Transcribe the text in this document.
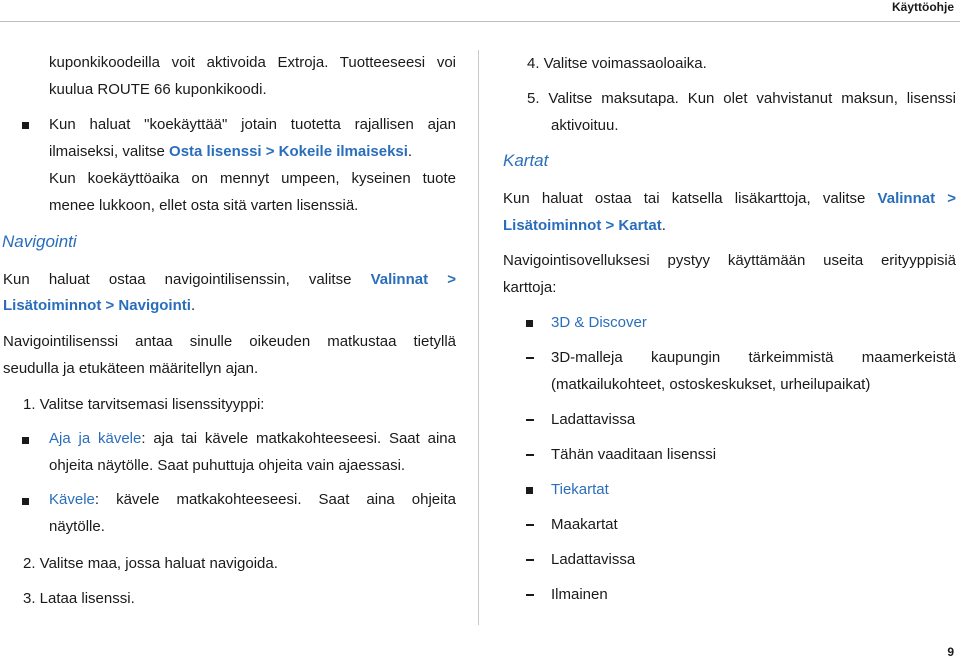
Käyttöohje
kuponkikoodeilla voit aktivoida Extroja. Tuotteeseesi voi
kuulua ROUTE 66 kuponkikoodi.
Kun haluat "koekäyttää" jotain tuotetta rajallisen ajan
ilmaiseksi, valitse Osta lisenssi > Kokeile ilmaiseksi.
Kun koekäyttöaika on mennyt umpeen, kyseinen tuote
menee lukkoon, ellet osta sitä varten lisenssiä.
Navigointi
Kun haluat ostaa navigointilisenssin, valitse Valinnat >
Lisätoiminnot > Navigointi.
Navigointilisenssi antaa sinulle oikeuden matkustaa tietyllä
seudulla ja etukäteen määritellyn ajan.
1. Valitse tarvitsemasi lisenssityyppi:
Aja ja kävele: aja tai kävele matkakohteeseesi. Saat aina
ohjeita näytölle. Saat puhuttuja ohjeita vain ajaessasi.
Kävele: kävele matkakohteeseesi. Saat aina ohjeita
näytölle.
2. Valitse maa, jossa haluat navigoida.
3. Lataa lisenssi.
4. Valitse voimassaoloaika.
5. Valitse maksutapa. Kun olet vahvistanut maksun, lisenssi
aktivoituu.
Kartat
Kun haluat ostaa tai katsella lisäkarttoja, valitse Valinnat >
Lisätoiminnot > Kartat.
Navigointisovelluksesi pystyy käyttämään useita erityyppisiä
karttoja:
3D & Discover
3D-malleja kaupungin tärkeimmistä maamerkeistä
(matkailukohteet, ostoskeskukset, urheilupaikat)
Ladattavissa
Tähän vaaditaan lisenssi
Tiekartat
Maakartat
Ladattavissa
Ilmainen
9
